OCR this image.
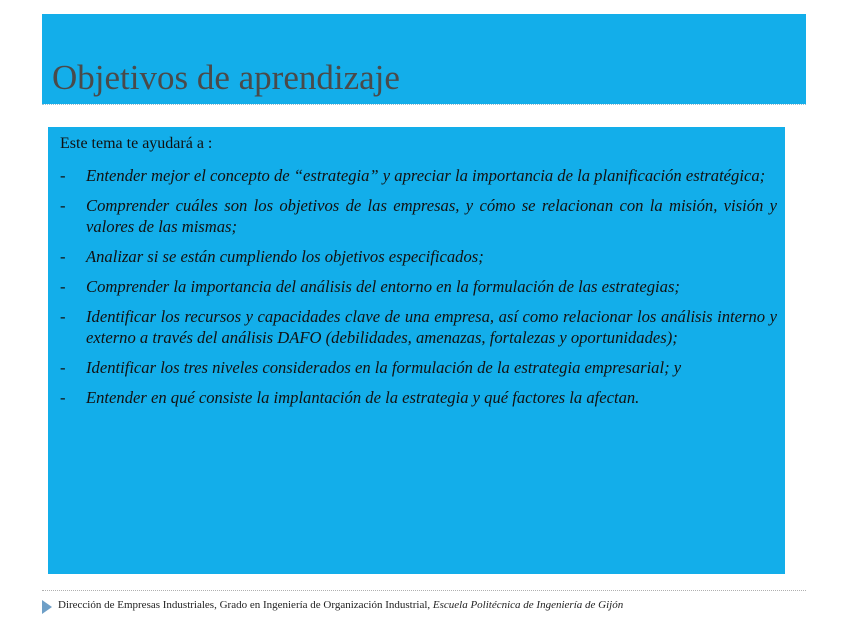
Objetivos de aprendizaje
Este tema te ayudará a :
- Entender mejor el concepto de “estrategia” y apreciar la importancia de la planificación estratégica;
- Comprender cuáles son los objetivos de las empresas, y cómo se relacionan con la misión, visión y valores de las mismas;
- Analizar si se están cumpliendo los objetivos especificados;
- Comprender la importancia del análisis del entorno en la formulación de las estrategias;
- Identificar los recursos y capacidades clave de una empresa, así como relacionar los análisis interno y externo a través del análisis DAFO (debilidades, amenazas, fortalezas y oportunidades);
- Identificar los tres niveles considerados en la formulación de la estrategia empresarial; y
- Entender en qué consiste la implantación de la estrategia y qué factores la afectan.
Dirección de Empresas Industriales, Grado en Ingeniería de Organización Industrial, Escuela Politécnica de Ingeniería de Gijón
